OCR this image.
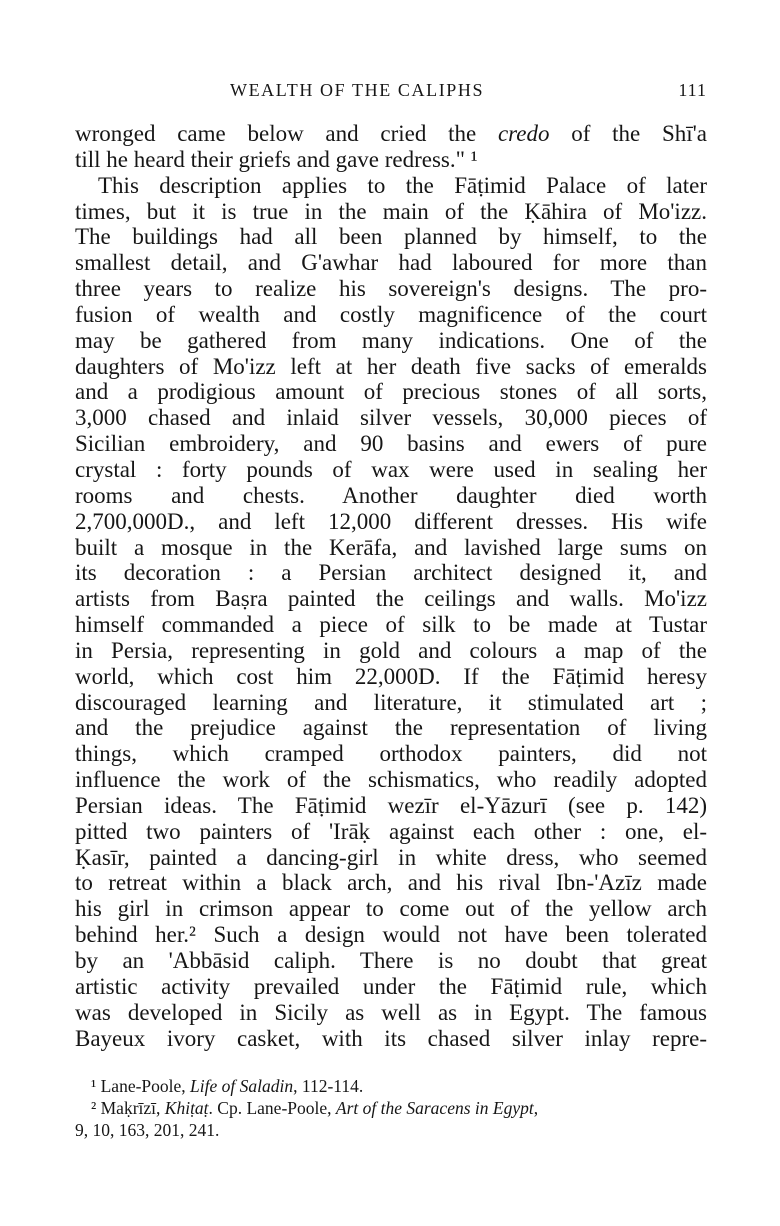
WEALTH OF THE CALIPHS	111
wronged came below and cried the credo of the Shī'a
till he heard their griefs and gave redress." ¹
This description applies to the Fāṭimid Palace of later
times, but it is true in the main of the Ḳāhira of Mo'izz.
The buildings had all been planned by himself, to the
smallest detail, and G'awhar had laboured for more than
three years to realize his sovereign's designs. The pro-
fusion of wealth and costly magnificence of the court
may be gathered from many indications. One of the
daughters of Mo'izz left at her death five sacks of emeralds
and a prodigious amount of precious stones of all sorts,
3,000 chased and inlaid silver vessels, 30,000 pieces of
Sicilian embroidery, and 90 basins and ewers of pure
crystal : forty pounds of wax were used in sealing her
rooms and chests. Another daughter died worth
2,700,000D., and left 12,000 different dresses. His wife
built a mosque in the Kerāfa, and lavished large sums on
its decoration : a Persian architect designed it, and
artists from Baṣra painted the ceilings and walls. Mo'izz
himself commanded a piece of silk to be made at Tustar
in Persia, representing in gold and colours a map of the
world, which cost him 22,000D. If the Fāṭimid heresy
discouraged learning and literature, it stimulated art ;
and the prejudice against the representation of living
things, which cramped orthodox painters, did not
influence the work of the schismatics, who readily adopted
Persian ideas. The Fāṭimid wezīr el-Yāzurī (see p. 142)
pitted two painters of 'Irāḳ against each other : one, el-
Ḳasīr, painted a dancing-girl in white dress, who seemed
to retreat within a black arch, and his rival Ibn-'Azīz made
his girl in crimson appear to come out of the yellow arch
behind her.² Such a design would not have been tolerated
by an 'Abbāsid caliph. There is no doubt that great
artistic activity prevailed under the Fāṭimid rule, which
was developed in Sicily as well as in Egypt. The famous
Bayeux ivory casket, with its chased silver inlay repre-
¹ Lane-Poole, Life of Saladin, 112-114.
² Maḳrīzī, Khiṭaṭ. Cp. Lane-Poole, Art of the Saracens in Egypt,
9, 10, 163, 201, 241.
